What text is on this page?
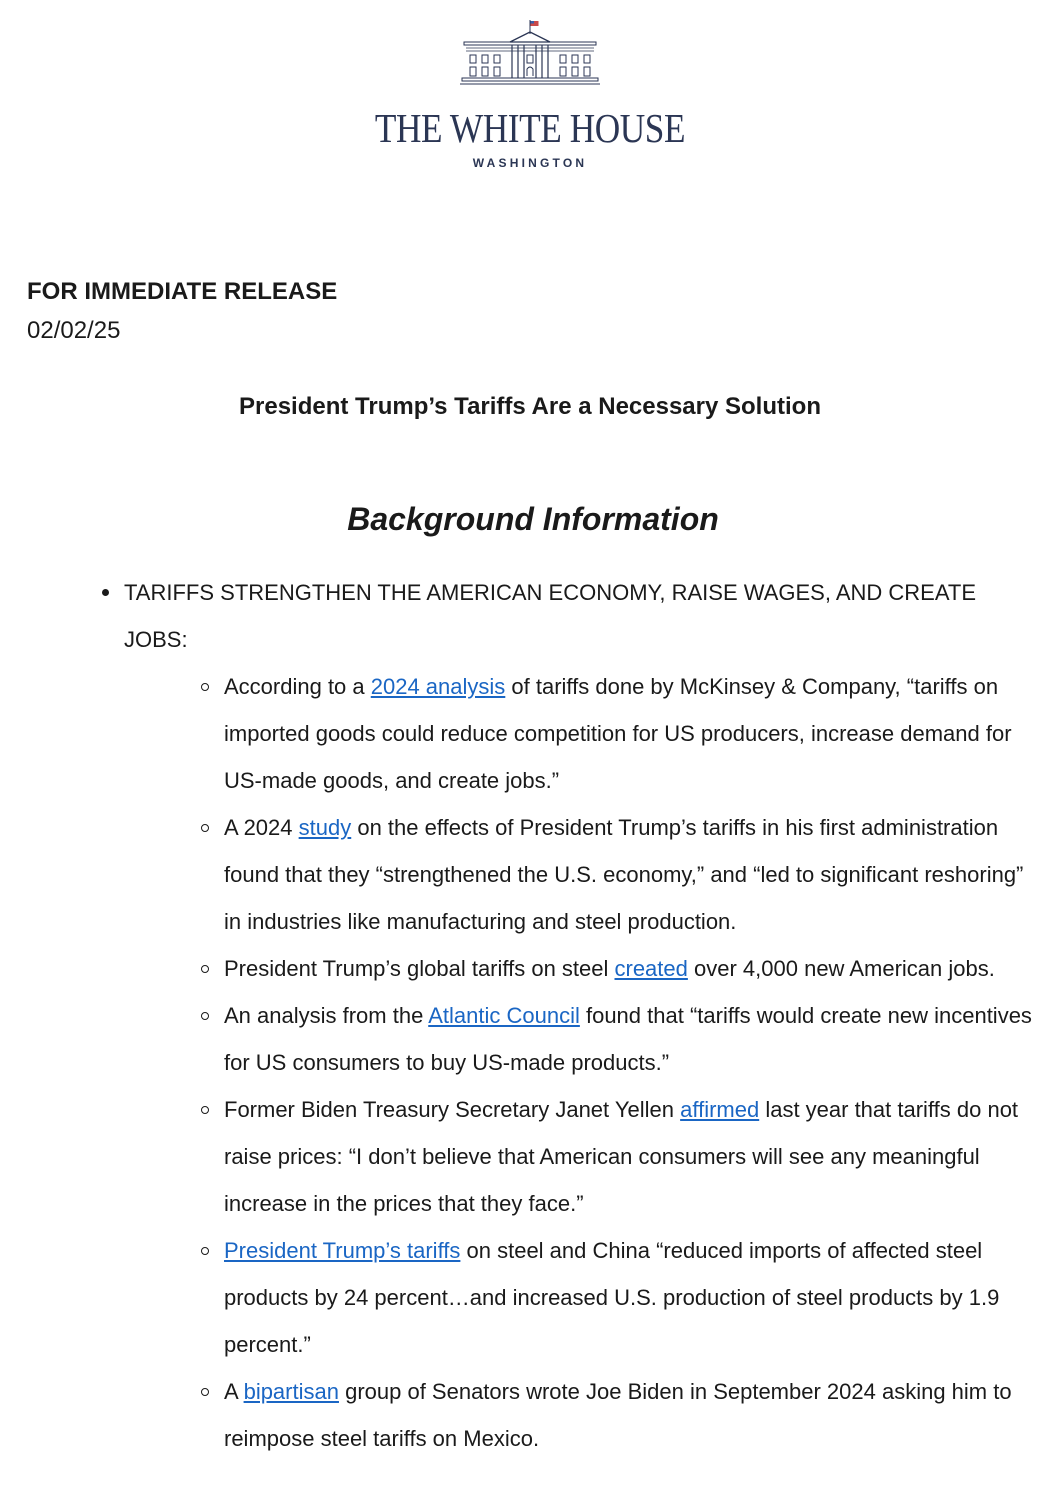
THE WHITE HOUSE
WASHINGTON
FOR IMMEDIATE RELEASE
02/02/25
President Trump’s Tariffs Are a Necessary Solution
Background Information
TARIFFS STRENGTHEN THE AMERICAN ECONOMY, RAISE WAGES, AND CREATE JOBS:
According to a 2024 analysis of tariffs done by McKinsey & Company, “tariffs on imported goods could reduce competition for US producers, increase demand for US-made goods, and create jobs.”
A 2024 study on the effects of President Trump’s tariffs in his first administration found that they “strengthened the U.S. economy,” and “led to significant reshoring” in industries like manufacturing and steel production.
President Trump’s global tariffs on steel created over 4,000 new American jobs.
An analysis from the Atlantic Council found that “tariffs would create new incentives for US consumers to buy US-made products.”
Former Biden Treasury Secretary Janet Yellen affirmed last year that tariffs do not raise prices: “I don’t believe that American consumers will see any meaningful increase in the prices that they face.”
President Trump’s tariffs on steel and China “reduced imports of affected steel products by 24 percent…and increased U.S. production of steel products by 1.9 percent.”
A bipartisan group of Senators wrote Joe Biden in September 2024 asking him to reimpose steel tariffs on Mexico.
